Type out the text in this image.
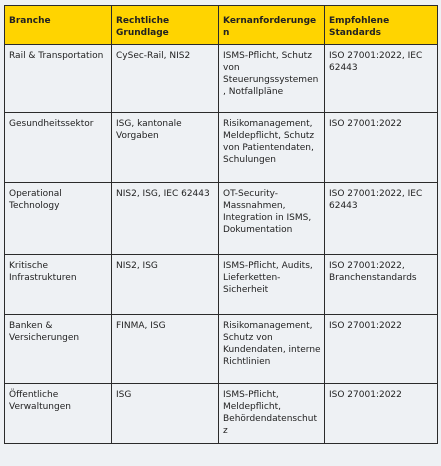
Branche	Rechtliche Grundlage	Kernanforderungen	Empfohlene Standards
Rail & Transportation	CySec-Rail, NIS2	ISMS-Pflicht, Schutz von Steuerungssystemen, Notfallpläne	ISO 27001:2022, IEC 62443
Gesundheitssektor	ISG, kantonale Vorgaben	Risikomanagement, Meldepflicht, Schutz von Patientendaten, Schulungen	ISO 27001:2022
Operational Technology	NIS2, ISG, IEC 62443	OT-Security-Massnahmen, Integration in ISMS, Dokumentation	ISO 27001:2022, IEC 62443
Kritische Infrastrukturen	NIS2, ISG	ISMS-Pflicht, Audits, Lieferketten-Sicherheit	ISO 27001:2022, Branchenstandards
Banken & Versicherungen	FINMA, ISG	Risikomanagement, Schutz von Kundendaten, interne Richtlinien	ISO 27001:2022
Öffentliche Verwaltungen	ISG	ISMS-Pflicht, Meldepflicht, Behördendatenschutz	ISO 27001:2022
